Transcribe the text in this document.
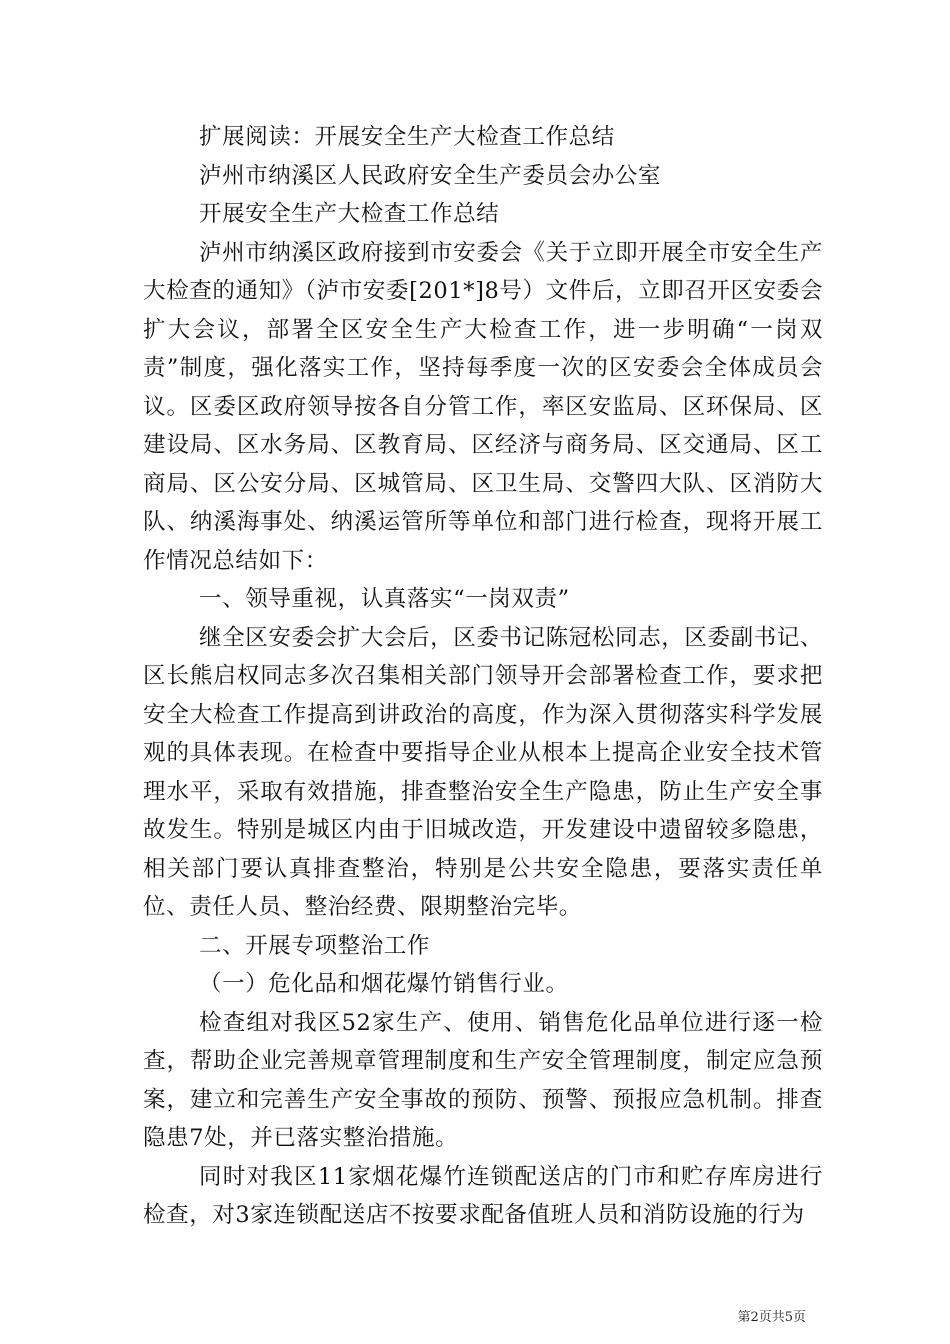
扩展阅读：开展安全生产大检查工作总结

泸州市纳溪区人民政府安全生产委员会办公室

开展安全生产大检查工作总结

泸州市纳溪区政府接到市安委会《关于立即开展全市安全生产大检查的通知》（泸市安委[201*]8号）文件后，立即召开区安委会扩大会议，部署全区安全生产大检查工作，进一步明确“一岗双责”制度，强化落实工作，坚持每季度一次的区安委会全体成员会议。区委区政府领导按各自分管工作，率区安监局、区环保局、区建设局、区水务局、区教育局、区经济与商务局、区交通局、区工商局、区公安分局、区城管局、区卫生局、交警四大队、区消防大队、纳溪海事处、纳溪运管所等单位和部门进行检查，现将开展工作情况总结如下：

一、领导重视，认真落实“一岗双责”

继全区安委会扩大会后，区委书记陈冠松同志，区委副书记、区长熊启权同志多次召集相关部门领导开会部署检查工作，要求把安全大检查工作提高到讲政治的高度，作为深入贯彻落实科学发展观的具体表现。在检查中要指导企业从根本上提高企业安全技术管理水平，采取有效措施，排查整治安全生产隐患，防止生产安全事故发生。特别是城区内由于旧城改造，开发建设中遗留较多隐患，相关部门要认真排查整治，特别是公共安全隐患，要落实责任单位、责任人员、整治经费、限期整治完毕。

二、开展专项整治工作

（一）危化品和烟花爆竹销售行业。

检查组对我区52家生产、使用、销售危化品单位进行逐一检查，帮助企业完善规章管理制度和生产安全管理制度，制定应急预案，建立和完善生产安全事故的预防、预警、预报应急机制。排查隐患7处，并已落实整治措施。

同时对我区11家烟花爆竹连锁配送店的门市和贮存库房进行检查，对3家连锁配送店不按要求配备值班人员和消防设施的行为

第2页共5页
